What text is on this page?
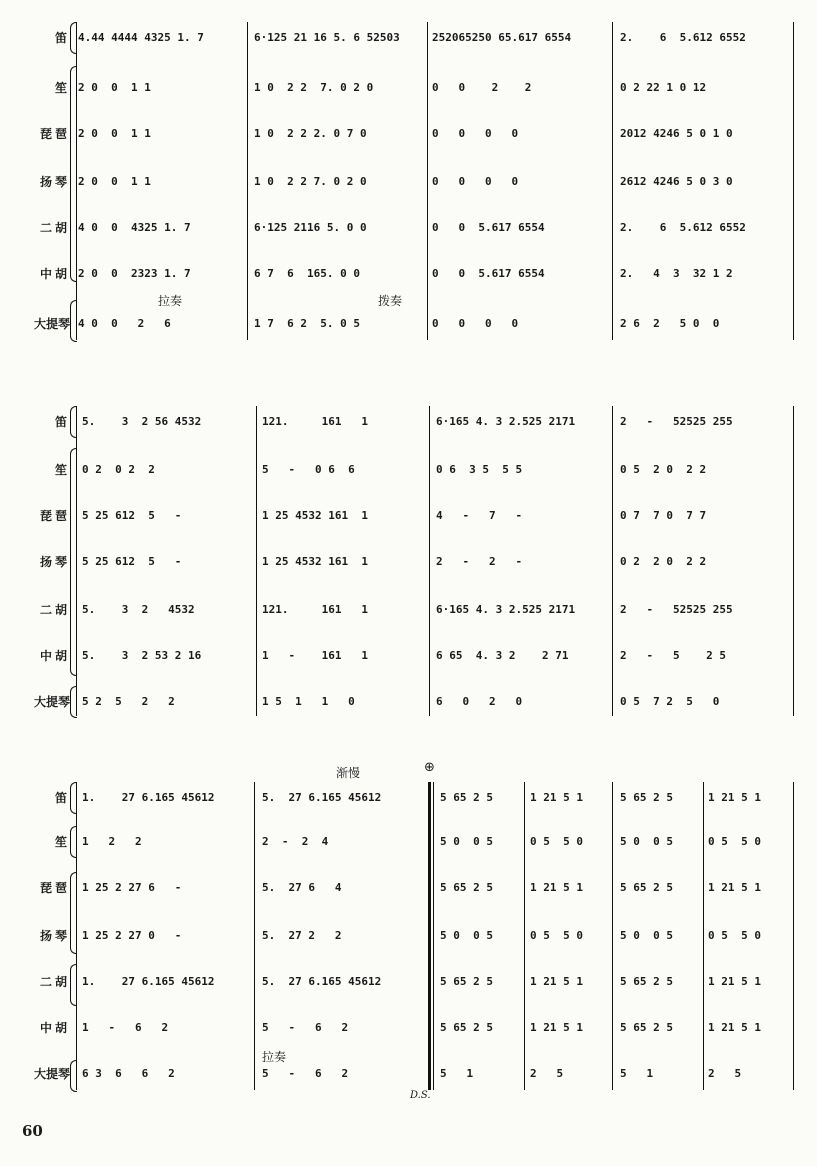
笛 4.44 4444 4325 1. 7	6·125 21 16 5. 6 52503	252065250 65.617 6554	2.    6  5.612 6552
笙 2 0  0  1 1	1 0  2 2  7. 0 2 0	0   0    2    2	0 2 22 1 0 12
琵琶 2 0  0  1 1	1 0  2 2 2. 0 7 0	0   0   0   0	2012 4246 5 0 1 0
扬琴 2 0  0  1 1	1 0  2 2 7. 0 2 0	0   0   0   0	2612 4246 5 0 3 0
二胡 4 0  0  4325 1. 7	6·125 2116 5. 0 0	0   0  5.617 6554	2.    6  5.612 6552
中胡 2 0  0  2323 1. 7	6 7  6  165. 0 0	0   0  5.617 6554	2.   4  3  32 1 2
拉奏	拨奏
大提琴 4 0  0   2   6	1 7  6 2  5. 0 5	0   0   0   0	2 6  2   5 0  0
笛 5.    3  2 56 4532	121.     161   1	6·165 4. 3 2.525 2171	2   -   52525 255
笙 0 2  0 2  2	5   -   0 6  6	0 6  3 5  5 5	0 5  2 0  2 2
琵琶 5 25 612  5   -	1 25 4532 161  1	4   -   7   -	0 7  7 0  7 7
扬琴 5 25 612  5   -	1 25 4532 161  1	2   -   2   -	0 2  2 0  2 2
二胡 5.    3  2   4532	121.     161   1	6·165 4. 3 2.525 2171	2   -   52525 255
中胡 5.    3  2 53 2 16	1   -    161   1	6 65  4. 3 2    2 71	2   -   5    2 5
大提琴 5 2  5   2   2	1 5  1   1   0	6   0   2   0	0 5  7 2  5   0
渐慢	⊕
笛 1.    27 6.165 45612	5.  27 6.165 45612	5 65 2 5	1 21 5 1	5 65 2 5	1 21 5 1
笙 1   2   2	2  -  2  4	5 0  0 5	0 5  5 0	5 0  0 5	0 5  5 0
琵琶 1 25 2 27 6   -	5.  27 6   4	5 65 2 5	1 21 5 1	5 65 2 5	1 21 5 1
扬琴 1 25 2 27 0   -	5.  27 2   2	5 0  0 5	0 5  5 0	5 0  0 5	0 5  5 0
二胡 1.    27 6.165 45612	5.  27 6.165 45612	5 65 2 5	1 21 5 1	5 65 2 5	1 21 5 1
中胡 1   -   6   2	5   -   6   2	5 65 2 5	1 21 5 1	5 65 2 5	1 21 5 1
拉奏
大提琴 6 3  6   6   2	5   -   6   2	5   1	2   5	5   1	2   5
D.S.
60
